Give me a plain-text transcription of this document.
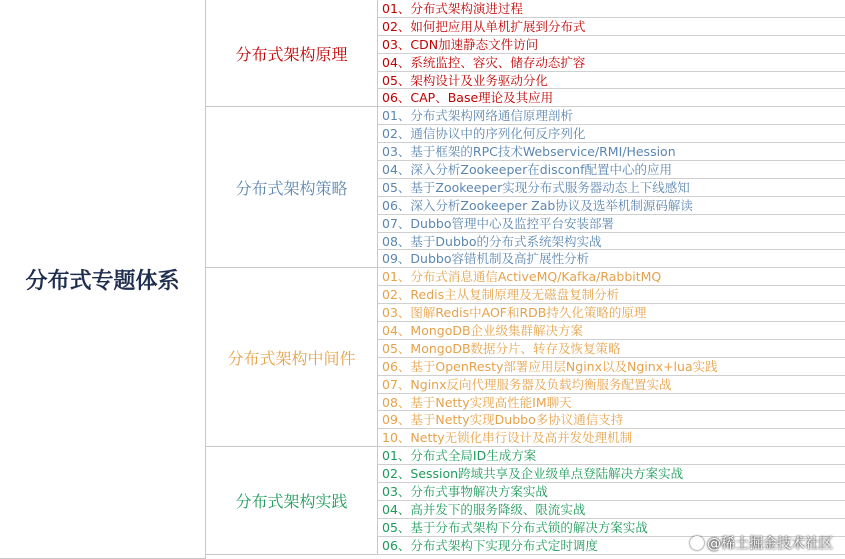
分布式专题体系
分布式架构原理
分布式架构策略
分布式架构中间件
分布式架构实践
01、分布式架构演进过程
02、如何把应用从单机扩展到分布式
03、CDN加速静态文件访问
04、系统监控、容灾、储存动态扩容
05、架构设计及业务驱动分化
06、CAP、Base理论及其应用
01、分布式架构网络通信原理剖析
02、通信协议中的序列化何反序列化
03、基于框架的RPC技术Webservice/RMI/Hession
04、深入分析Zookeeper在disconf配置中心的应用
05、基于Zookeeper实现分布式服务器动态上下线感知
06、深入分析Zookeeper Zab协议及选举机制源码解读
07、Dubbo管理中心及监控平台安装部署
08、基于Dubbo的分布式系统架构实战
09、Dubbo容错机制及高扩展性分析
01、分布式消息通信ActiveMQ/Kafka/RabbitMQ
02、Redis主从复制原理及无磁盘复制分析
03、图解Redis中AOF和RDB持久化策略的原理
04、MongoDB企业级集群解决方案
05、MongoDB数据分片、转存及恢复策略
06、基于OpenResty部署应用层Nginx以及Nginx+lua实践
07、Nginx反向代理服务器及负载均衡服务配置实战
08、基于Netty实现高性能IM聊天
09、基于Netty实现Dubbo多协议通信支持
10、Netty无锁化串行设计及高并发处理机制
01、分布式全局ID生成方案
02、Session跨域共享及企业级单点登陆解决方案实战
03、分布式事物解决方案实战
04、高并发下的服务降级、限流实战
05、基于分布式架构下分布式锁的解决方案实战
06、分布式架构下实现分布式定时调度	@稀土掘金技术社区
